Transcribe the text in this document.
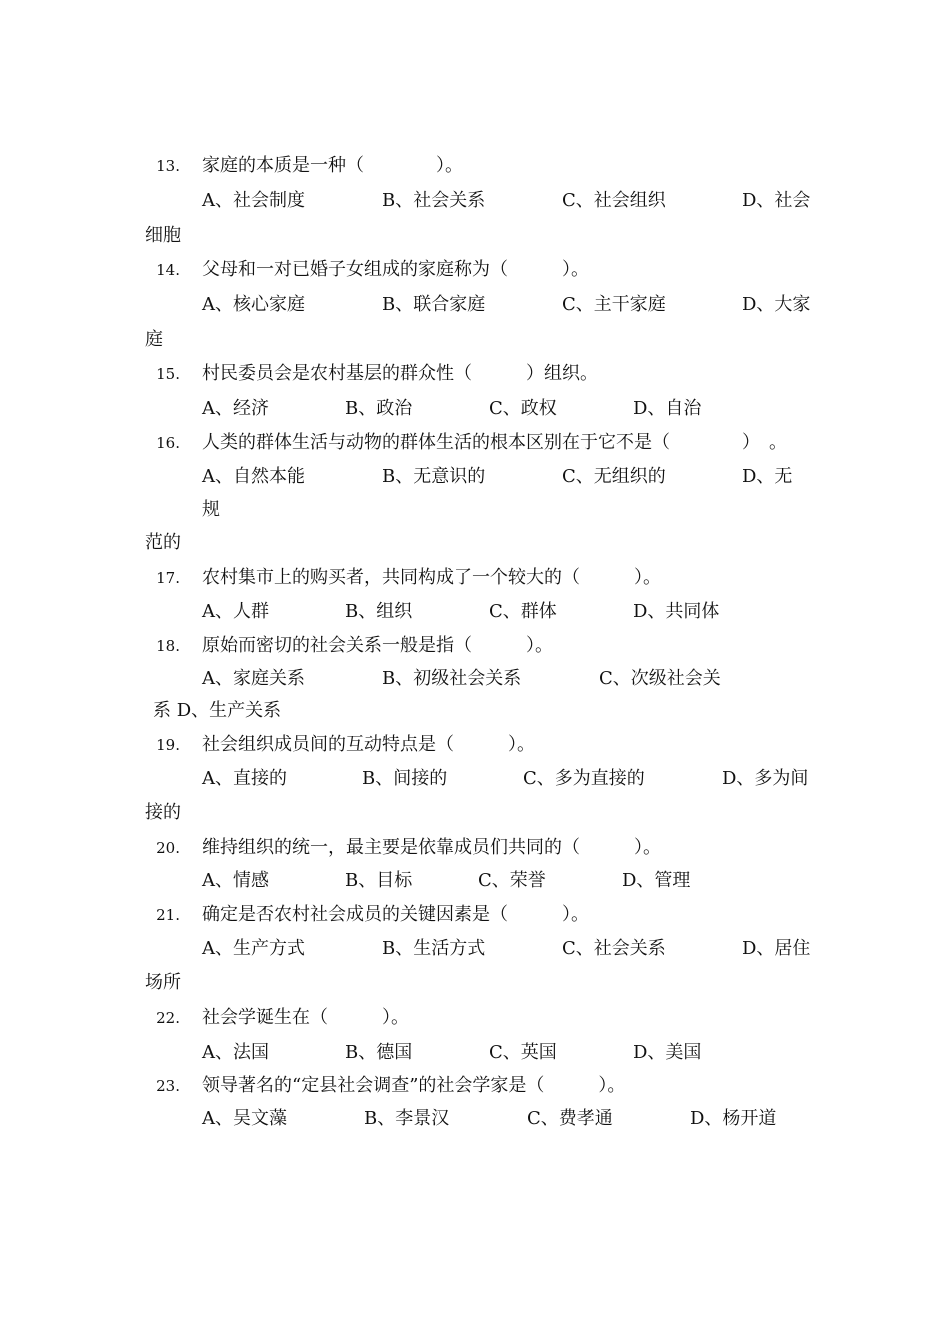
13. 家庭的本质是一种（　　　　）。
A、社会制度	B、社会关系	C、社会组织	D、社会
细胞
14. 父母和一对已婚子女组成的家庭称为（　　　）。
A、核心家庭	B、联合家庭	C、主干家庭	D、大家
庭
15. 村民委员会是农村基层的群众性（　　　）组织。
A、经济	B、政治	C、政权	D、自治
16. 人类的群体生活与动物的群体生活的根本区别在于它不是（　　　　）　。
A、自然本能	B、无意识的	C、无组织的	D、无
规
范的
17. 农村集市上的购买者，共同构成了一个较大的（　　　）。
A、人群	B、组织	C、群体	D、共同体
18. 原始而密切的社会关系一般是指（　　　）。
A、家庭关系	B、初级社会关系	C、次级社会关
系 D、生产关系
19. 社会组织成员间的互动特点是（　　　）。
A、直接的	B、间接的	C、多为直接的	D、多为间
接的
20. 维持组织的统一，最主要是依靠成员们共同的（　　　）。
A、情感	B、目标	C、荣誉	D、管理
21. 确定是否农村社会成员的关键因素是（　　　）。
A、生产方式	B、生活方式	C、社会关系	D、居住
场所
22. 社会学诞生在（　　　）。
A、法国	B、德国	C、英国	D、美国
23. 领导著名的“定县社会调查”的社会学家是（　　　）。
A、吴文藻	B、李景汉	C、费孝通	D、杨开道
